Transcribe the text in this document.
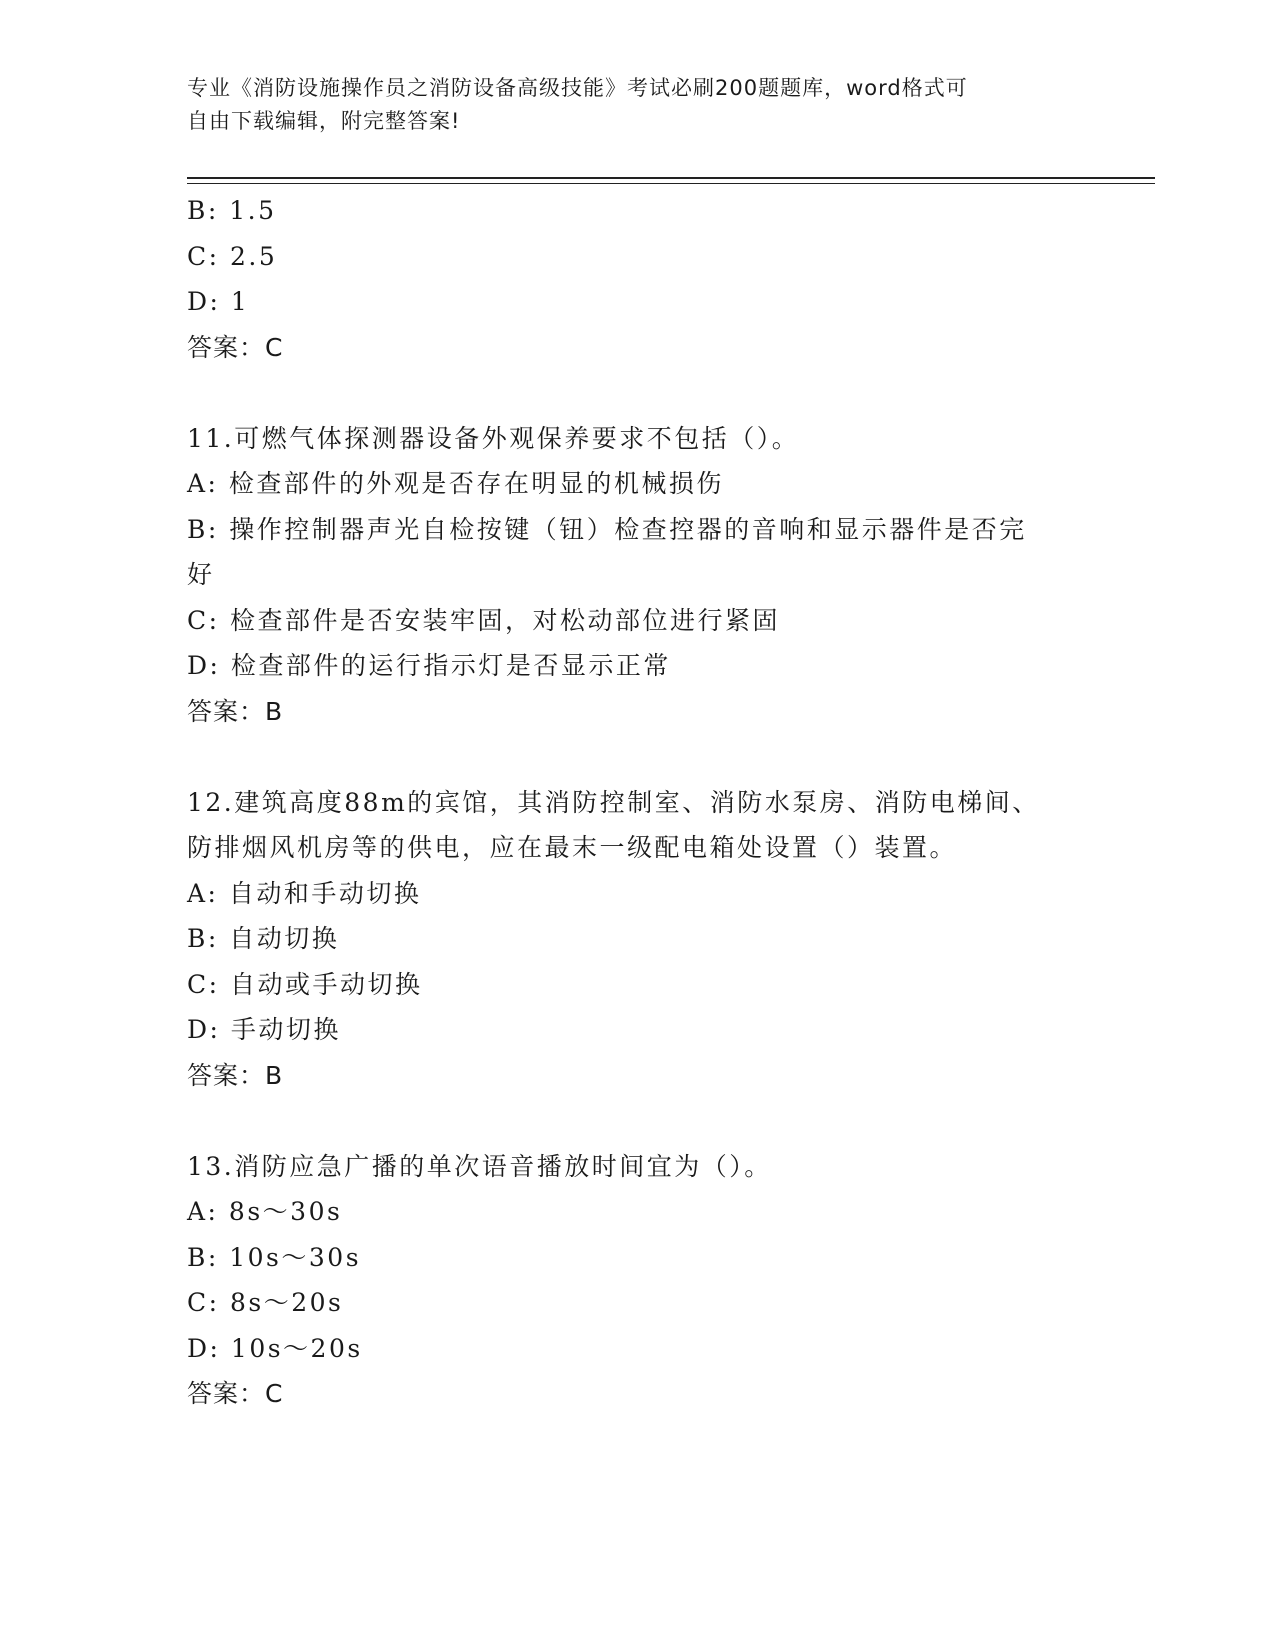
专业《消防设施操作员之消防设备高级技能》考试必刷200题题库，word格式可
自由下载编辑，附完整答案!
B: 1.5
C: 2.5
D: 1
答案：C
11.可燃气体探测器设备外观保养要求不包括（）。
A: 检查部件的外观是否存在明显的机械损伤
B: 操作控制器声光自检按键（钮）检查控器的音响和显示器件是否完
好
C: 检查部件是否安装牢固，对松动部位进行紧固
D: 检查部件的运行指示灯是否显示正常
答案：B
12.建筑高度88m的宾馆，其消防控制室、消防水泵房、消防电梯间、
防排烟风机房等的供电，应在最末一级配电箱处设置（）装置。
A: 自动和手动切换
B: 自动切换
C: 自动或手动切换
D: 手动切换
答案：B
13.消防应急广播的单次语音播放时间宜为（）。
A: 8s～30s
B: 10s～30s
C: 8s～20s
D: 10s～20s
答案：C
